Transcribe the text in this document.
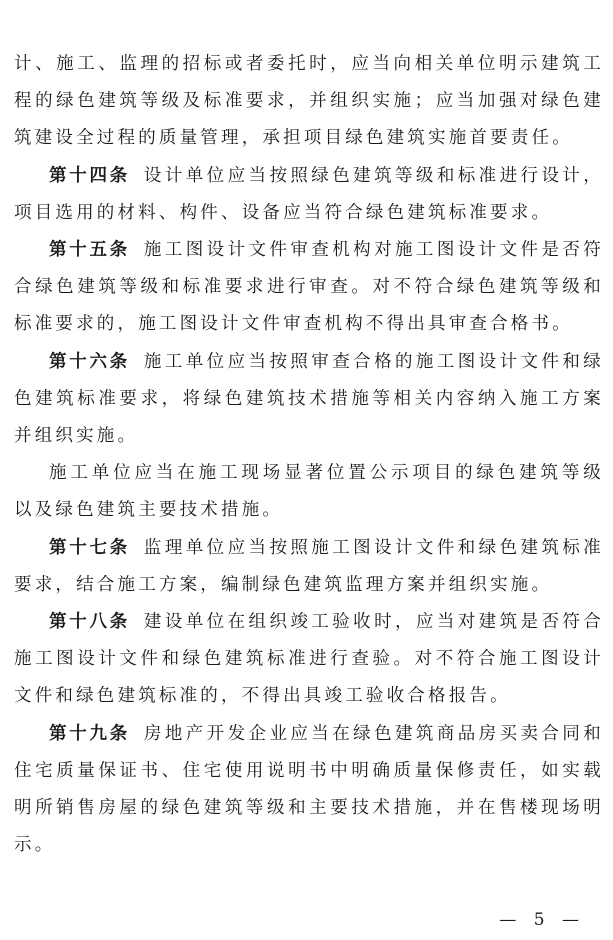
计、施工、监理的招标或者委托时，应当向相关单位明示建筑工程的绿色建筑等级及标准要求，并组织实施；应当加强对绿色建筑建设全过程的质量管理，承担项目绿色建筑实施首要责任。

第十四条 设计单位应当按照绿色建筑等级和标准进行设计，项目选用的材料、构件、设备应当符合绿色建筑标准要求。

第十五条 施工图设计文件审查机构对施工图设计文件是否符合绿色建筑等级和标准要求进行审查。对不符合绿色建筑等级和标准要求的，施工图设计文件审查机构不得出具审查合格书。

第十六条 施工单位应当按照审查合格的施工图设计文件和绿色建筑标准要求，将绿色建筑技术措施等相关内容纳入施工方案并组织实施。

施工单位应当在施工现场显著位置公示项目的绿色建筑等级以及绿色建筑主要技术措施。

第十七条 监理单位应当按照施工图设计文件和绿色建筑标准要求，结合施工方案，编制绿色建筑监理方案并组织实施。

第十八条 建设单位在组织竣工验收时，应当对建筑是否符合施工图设计文件和绿色建筑标准进行查验。对不符合施工图设计文件和绿色建筑标准的，不得出具竣工验收合格报告。

第十九条 房地产开发企业应当在绿色建筑商品房买卖合同和住宅质量保证书、住宅使用说明书中明确质量保修责任，如实载明所销售房屋的绿色建筑等级和主要技术措施，并在售楼现场明示。

— 5 —
